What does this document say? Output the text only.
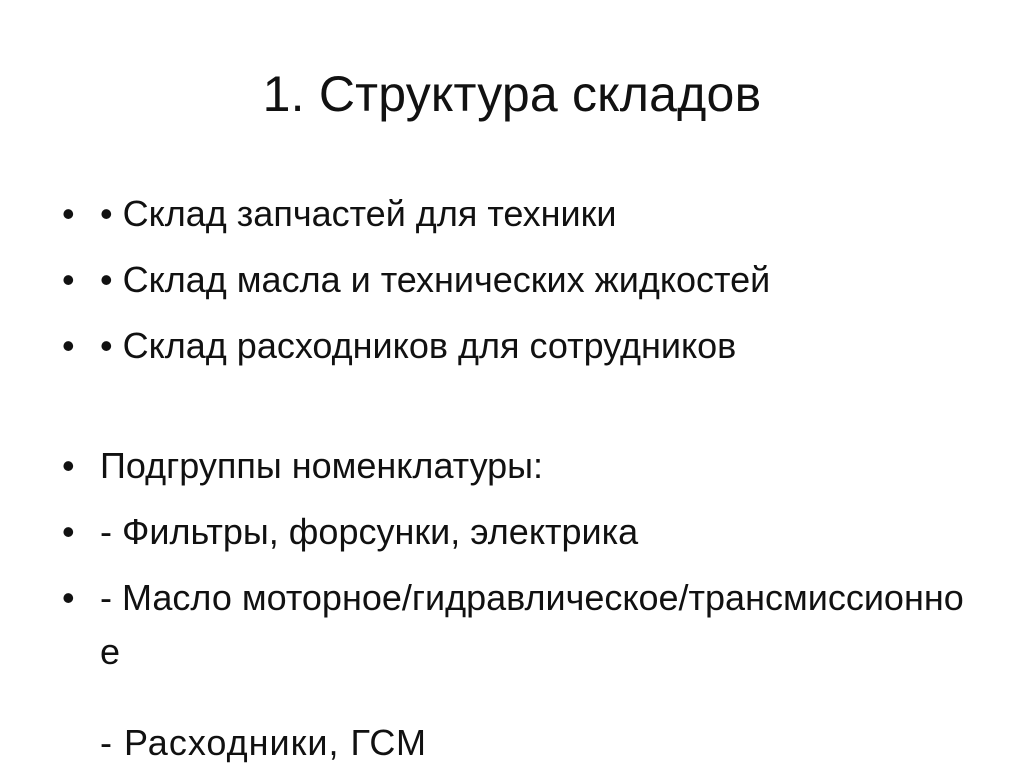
1. Структура складов
• • Склад запчастей для техники
• • Склад масла и технических жидкостей
• • Склад расходников для сотрудников
• Подгруппы номенклатуры:
• - Фильтры, форсунки, электрика
• - Масло моторное/гидравлическое/трансмиссионное
- Расходники, ГСМ
